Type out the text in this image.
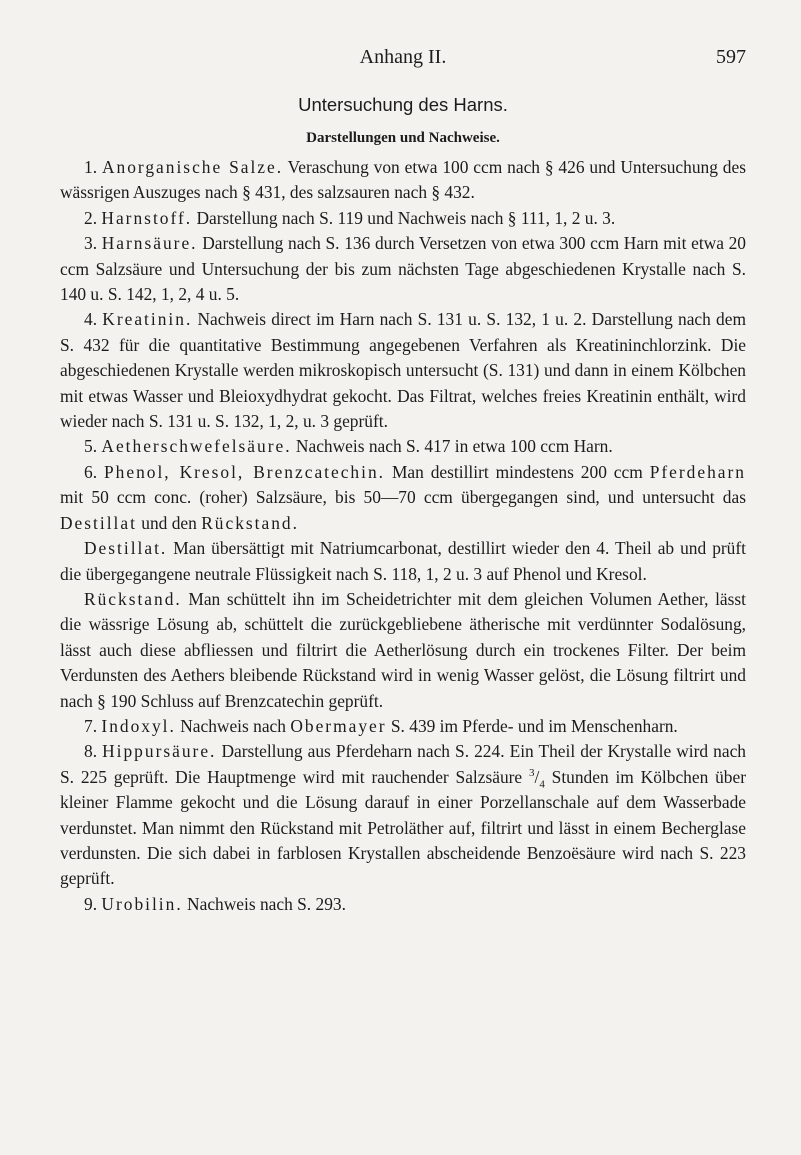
Anhang II.	597
Untersuchung des Harns.
Darstellungen und Nachweise.

1. Anorganische Salze. Veraschung von etwa 100 ccm nach § 426 und Untersuchung des wässrigen Auszuges nach § 431, des salzsauren nach § 432.

2. Harnstoff. Darstellung nach S. 119 und Nachweis nach § 111, 1, 2 u. 3.

3. Harnsäure. Darstellung nach S. 136 durch Versetzen von etwa 300 ccm Harn mit etwa 20 ccm Salzsäure und Untersuchung der bis zum nächsten Tage abgeschiedenen Krystalle nach S. 140 u. S. 142, 1, 2, 4 u. 5.

4. Kreatinin. Nachweis direct im Harn nach S. 131 u. S. 132, 1 u. 2. Darstellung nach dem S. 432 für die quantitative Bestimmung angegebenen Verfahren als Kreatininchlorzink. Die abgeschiedenen Krystalle werden mikroskopisch untersucht (S. 131) und dann in einem Kölbchen mit etwas Wasser und Bleioxydhydrat gekocht. Das Filtrat, welches freies Kreatinin enthält, wird wieder nach S. 131 u. S. 132, 1, 2, u. 3 geprüft.

5. Aetherschwefelsäure. Nachweis nach S. 417 in etwa 100 ccm Harn.

6. Phenol, Kresol, Brenzcatechin. Man destillirt mindestens 200 ccm Pferdeharn mit 50 ccm conc. (roher) Salzsäure, bis 50—70 ccm übergegangen sind, und untersucht das Destillat und den Rückstand.

Destillat. Man übersättigt mit Natriumcarbonat, destillirt wieder den 4. Theil ab und prüft die übergegangene neutrale Flüssigkeit nach S. 118, 1, 2 u. 3 auf Phenol und Kresol.

Rückstand. Man schüttelt ihn im Scheidetrichter mit dem gleichen Volumen Aether, lässt die wässrige Lösung ab, schüttelt die zurückgebliebene ätherische mit verdünnter Sodalösung, lässt auch diese abfliessen und filtrirt die Aetherlösung durch ein trockenes Filter. Der beim Verdunsten des Aethers bleibende Rückstand wird in wenig Wasser gelöst, die Lösung filtrirt und nach § 190 Schluss auf Brenzcatechin geprüft.

7. Indoxyl. Nachweis nach Obermayer S. 439 im Pferde- und im Menschenharn.

8. Hippursäure. Darstellung aus Pferdeharn nach S. 224. Ein Theil der Krystalle wird nach S. 225 geprüft. Die Hauptmenge wird mit rauchender Salzsäure $^3/_4$ Stunden im Kölbchen über kleiner Flamme gekocht und die Lösung darauf in einer Porzellanschale auf dem Wasserbade verdunstet. Man nimmt den Rückstand mit Petroläther auf, filtrirt und lässt in einem Becherglase verdunsten. Die sich dabei in farblosen Krystallen abscheidende Benzoësäure wird nach S. 223 geprüft.

9. Urobilin. Nachweis nach S. 293.
